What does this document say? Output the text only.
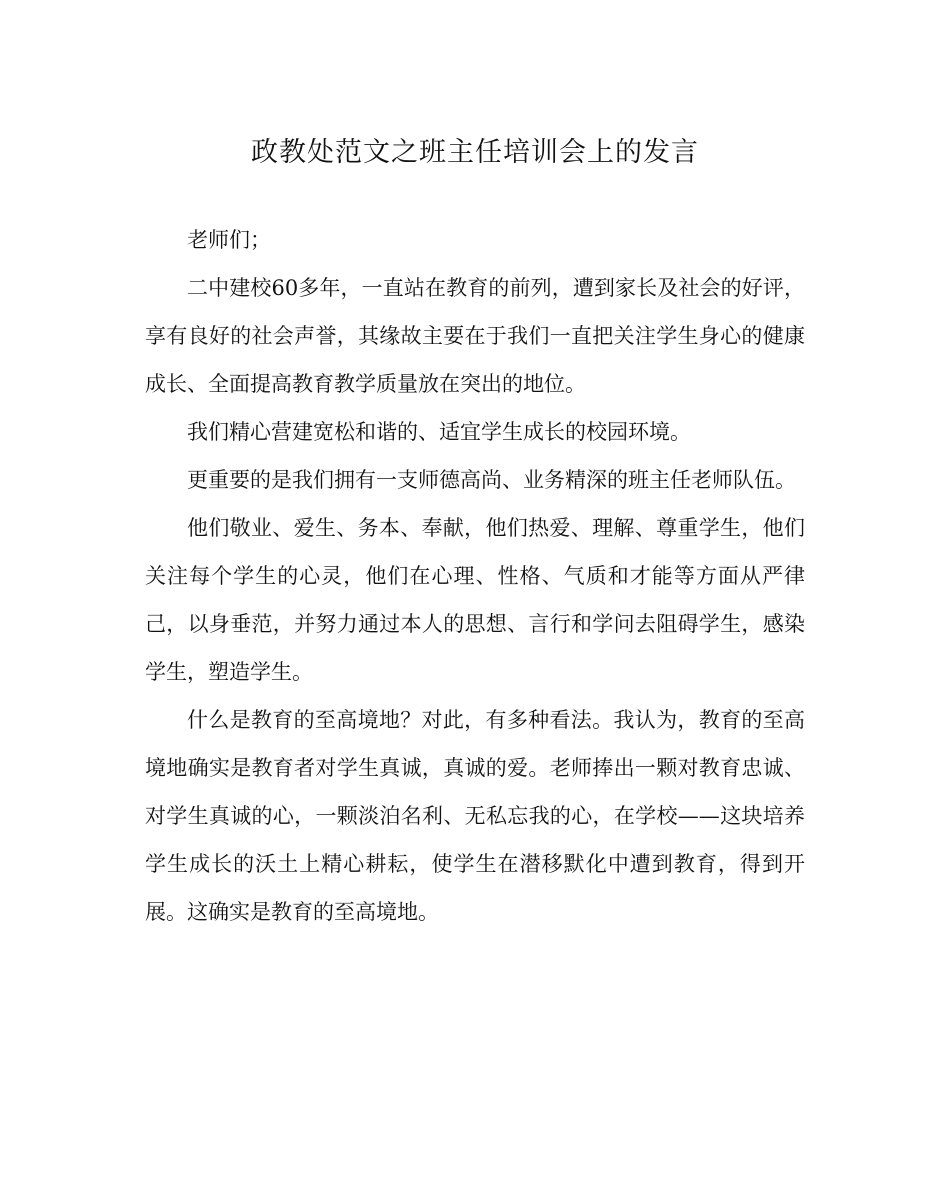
政教处范文之班主任培训会上的发言

老师们；

二中建校60多年，一直站在教育的前列，遭到家长及社会的好评，享有良好的社会声誉，其缘故主要在于我们一直把关注学生身心的健康成长、全面提高教育教学质量放在突出的地位。

我们精心营建宽松和谐的、适宜学生成长的校园环境。

更重要的是我们拥有一支师德高尚、业务精深的班主任老师队伍。

他们敬业、爱生、务本、奉献，他们热爱、理解、尊重学生，他们关注每个学生的心灵，他们在心理、性格、气质和才能等方面从严律己，以身垂范，并努力通过本人的思想、言行和学问去阻碍学生，感染学生，塑造学生。

什么是教育的至高境地？对此，有多种看法。我认为，教育的至高境地确实是教育者对学生真诚，真诚的爱。老师捧出一颗对教育忠诚、对学生真诚的心，一颗淡泊名利、无私忘我的心，在学校——这块培养学生成长的沃土上精心耕耘，使学生在潜移默化中遭到教育，得到开展。这确实是教育的至高境地。
